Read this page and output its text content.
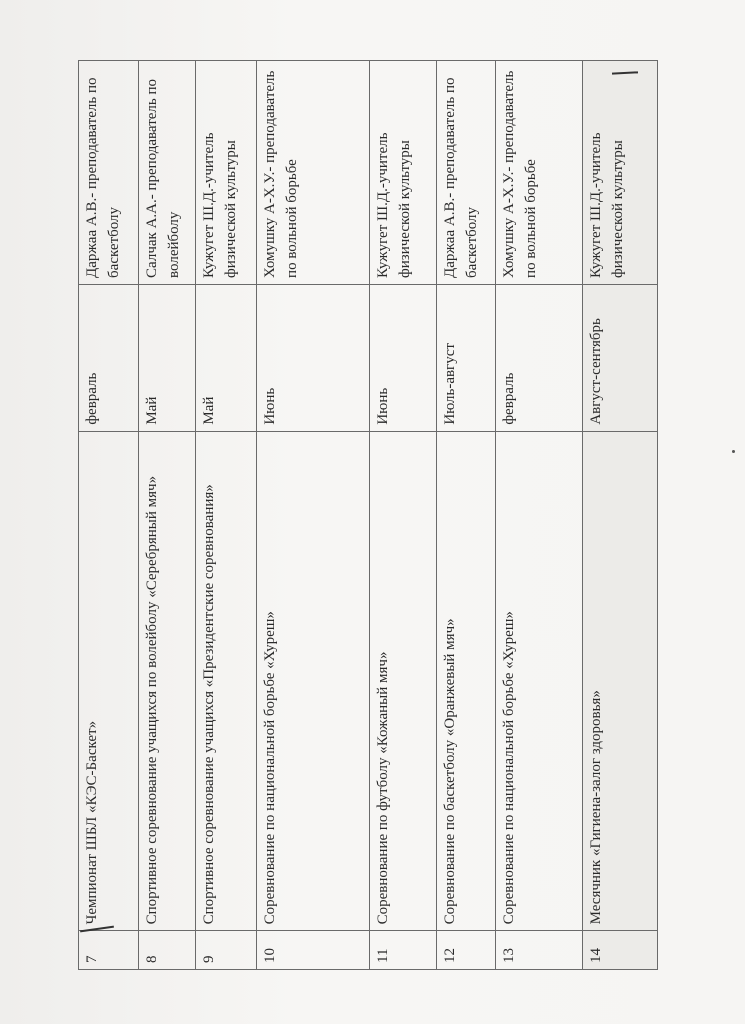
7	Чемпионат ШБЛ «КЭС-Баскет»	февраль	Даржаа А.В.- преподаватель по баскетболу
8	Спортивное соревнование учащихся по волейболу «Серебряный мяч»	Май	Салчак А.А.- преподаватель по волейболу
9	Спортивное соревнование учащихся «Президентские соревнования»	Май	Кужугет Ш.Д.-учитель физической культуры
10	Соревнование по национальной борьбе «Хуреш»	Июнь	Хомушку А-Х.У.- преподаватель по вольной борьбе
11	Соревнование по футболу «Кожаный мяч»	Июнь	Кужугет Ш.Д.-учитель физической культуры
12	Соревнование по баскетболу «Оранжевый мяч»	Июль-август	Даржаа А.В.- преподаватель по баскетболу
13	Соревнование по национальной борьбе «Хуреш»	февраль	Хомушку А-Х.У.- преподаватель по вольной борьбе
14	Месячник «Гигиена-залог здоровья»	Август-сентябрь	Кужугет Ш.Д.-учитель физической культуры
